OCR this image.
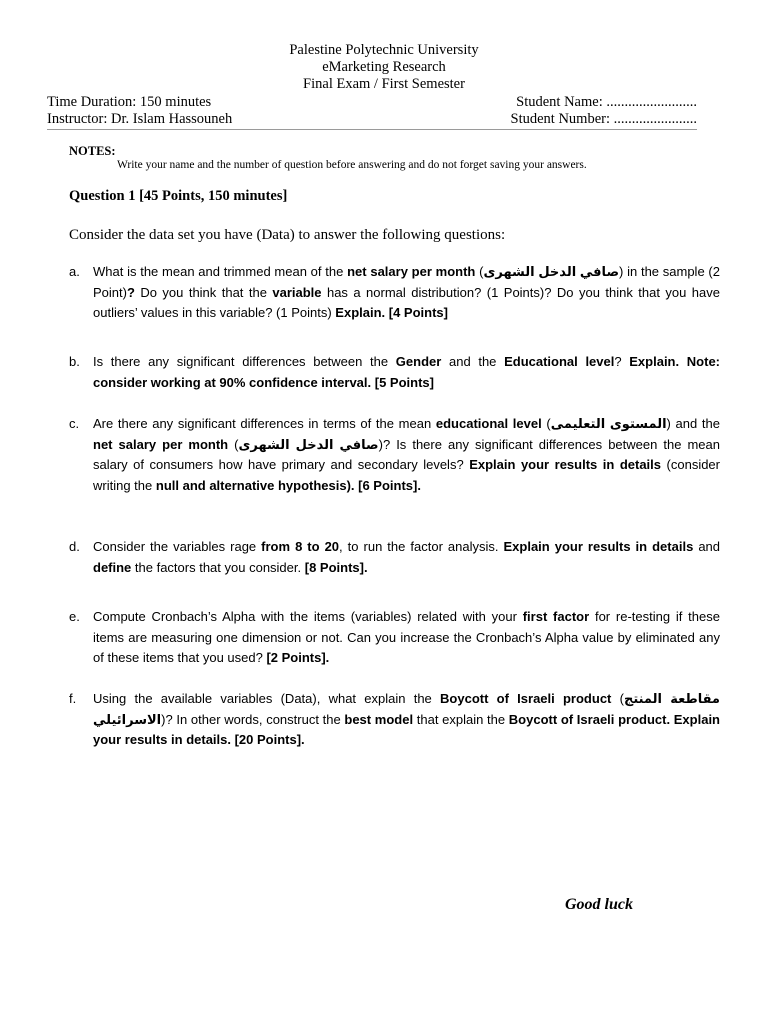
Palestine Polytechnic University
eMarketing Research
Final Exam / First Semester
Time Duration: 150 minutes	Student Name: .........................
Instructor: Dr. Islam Hassouneh	Student Number: .......................
NOTES:
Write your name and the number of question before answering and do not forget saving your answers.
Question 1 [45 Points, 150 minutes]
Consider the data set you have (Data) to answer the following questions:
a. What is the mean and trimmed mean of the net salary per month (صافي الدخل الشهرى) in the sample (2 Point)? Do you think that the variable has a normal distribution? (1 Points)? Do you think that you have outliers’ values in this variable? (1 Points) Explain. [4 Points]
b. Is there any significant differences between the Gender and the Educational level? Explain. Note: consider working at 90% confidence interval. [5 Points]
c. Are there any significant differences in terms of the mean educational level (المستوى التعليمى) and the net salary per month (صافي الدخل الشهرى)? Is there any significant differences between the mean salary of consumers how have primary and secondary levels? Explain your results in details (consider writing the null and alternative hypothesis). [6 Points].
d. Consider the variables rage from 8 to 20, to run the factor analysis. Explain your results in details and define the factors that you consider. [8 Points].
e. Compute Cronbach’s Alpha with the items (variables) related with your first factor for re-testing if these items are measuring one dimension or not. Can you increase the Cronbach’s Alpha value by eliminated any of these items that you used? [2 Points].
f. Using the available variables (Data), what explain the Boycott of Israeli product (مقاطعة المنتج الاسرائيلي)? In other words, construct the best model that explain the Boycott of Israeli product. Explain your results in details. [20 Points].
Good luck
